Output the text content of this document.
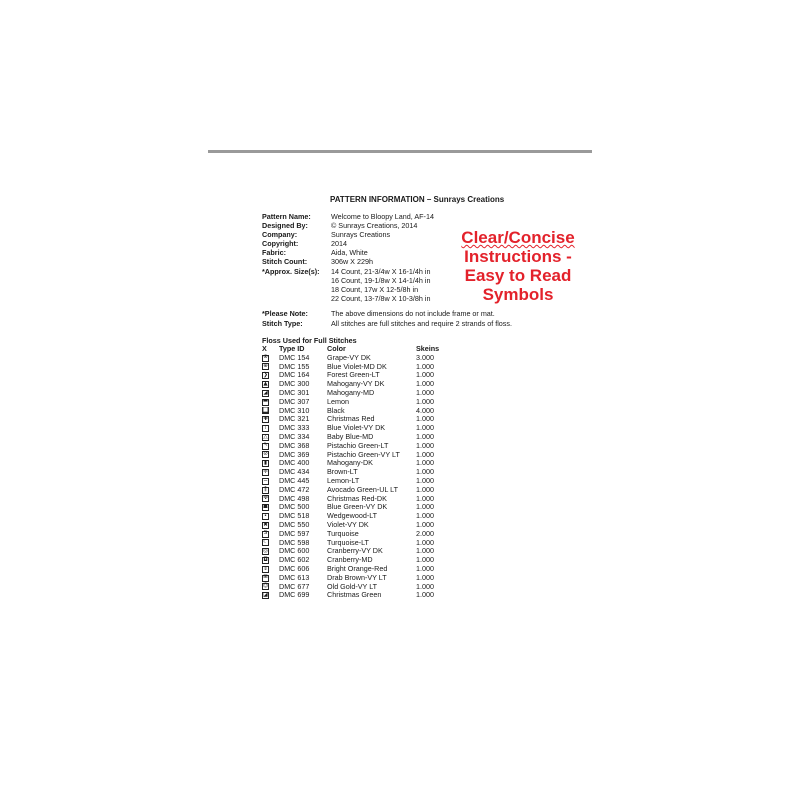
PATTERN INFORMATION – Sunrays Creations
Pattern Name:	Welcome to Bloopy Land, AF-14
Designed By:	© Sunrays Creations, 2014
Company:	Sunrays Creations
Copyright:	2014
Fabric:	Aida, White
Stitch Count:	306w X 229h
*Approx. Size(s):	14 Count, 21-3/4w X 16-1/4h in
16 Count, 19-1/8w X 14-1/4h in
18 Count, 17w X 12-5/8h in
22 Count, 13-7/8w X 10-3/8h in
Clear/Concise
Instructions -
Easy to Read
Symbols
*Please Note:	The above dimensions do not include frame or mat.
Stitch Type:	All stitches are full stitches and require 2 strands of floss.
Floss Used for Full Stitches
X	Type ID	Color	Skeins
⊗ DMC 154	Grape-VY DK	3.000
⊕ DMC 155	Blue Violet-MD DK	1.000
❯ DMC 164	Forest Green-LT	1.000
▲ DMC 300	Mahogany-VY DK	1.000
◢ DMC 301	Mahogany-MD	1.000
▬ DMC 307	Lemon	1.000
■ DMC 310	Black	4.000
✚ DMC 321	Christmas Red	1.000
⁞	DMC 333	Blue Violet-VY DK	1.000
△ DMC 334	Baby Blue-MD	1.000
↖ DMC 368	Pistachio Green-LT	1.000
⊘ DMC 369	Pistachio Green-VY LT	1.000
▮ DMC 400	Mahogany-DK	1.000
✛ DMC 434	Brown-LT	1.000
− DMC 445	Lemon-LT	1.000
‖ DMC 472	Avocado Green-UL LT	1.000
✜ DMC 498	Christmas Red-DK	1.000
☗ DMC 500	Blue Green-VY DK	1.000
• DMC 518	Wedgewood-LT	1.000
✖ DMC 550	Violet-VY DK	1.000
S DMC 597	Turquoise	2.000
☾ DMC 598	Turquoise-LT	1.000
◎ DMC 600	Cranberry-VY DK	1.000
◘ DMC 602	Cranberry-MD	1.000
⇕ DMC 606	Bright Orange-Red	1.000
⊞ DMC 613	Drab Brown-VY LT	1.000
☺ DMC 677	Old Gold-VY LT	1.000
◪ DMC 699	Christmas Green	1.000
